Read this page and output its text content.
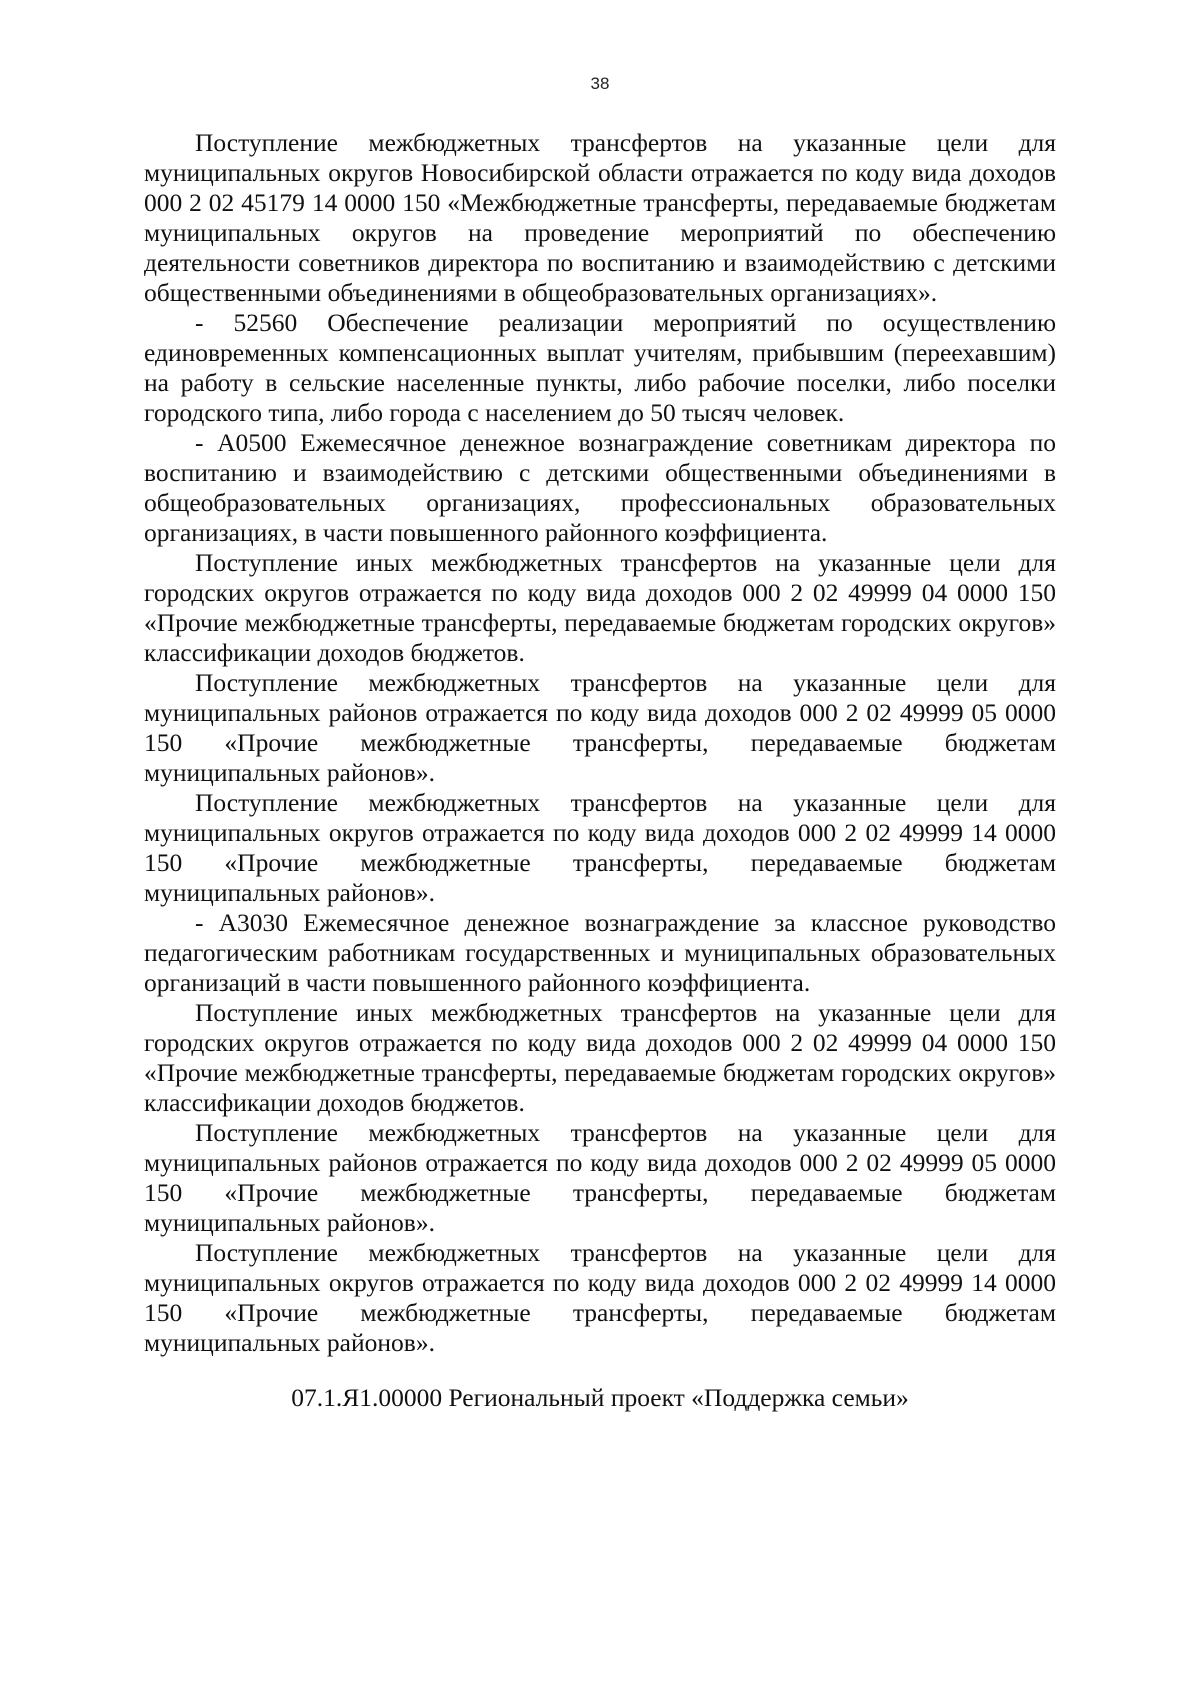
38

Поступление межбюджетных трансфертов на указанные цели для муниципальных округов Новосибирской области отражается по коду вида доходов 000 2 02 45179 14 0000 150 «Межбюджетные трансферты, передаваемые бюджетам муниципальных округов на проведение мероприятий по обеспечению деятельности советников директора по воспитанию и взаимодействию с детскими общественными объединениями в общеобразовательных организациях».

- 52560 Обеспечение реализации мероприятий по осуществлению единовременных компенсационных выплат учителям, прибывшим (переехавшим) на работу в сельские населенные пункты, либо рабочие поселки, либо поселки городского типа, либо города с населением до 50 тысяч человек.

- А0500 Ежемесячное денежное вознаграждение советникам директора по воспитанию и взаимодействию с детскими общественными объединениями в общеобразовательных организациях, профессиональных образовательных организациях, в части повышенного районного коэффициента.

Поступление иных межбюджетных трансфертов на указанные цели для городских округов отражается по коду вида доходов 000 2 02 49999 04 0000 150 «Прочие межбюджетные трансферты, передаваемые бюджетам городских округов» классификации доходов бюджетов.

Поступление межбюджетных трансфертов на указанные цели для муниципальных районов отражается по коду вида доходов 000 2 02 49999 05 0000 150 «Прочие межбюджетные трансферты, передаваемые бюджетам муниципальных районов».

Поступление межбюджетных трансфертов на указанные цели для муниципальных округов отражается по коду вида доходов 000 2 02 49999 14 0000 150 «Прочие межбюджетные трансферты, передаваемые бюджетам муниципальных районов».

- А3030 Ежемесячное денежное вознаграждение за классное руководство педагогическим работникам государственных и муниципальных образовательных организаций в части повышенного районного коэффициента.

Поступление иных межбюджетных трансфертов на указанные цели для городских округов отражается по коду вида доходов 000 2 02 49999 04 0000 150 «Прочие межбюджетные трансферты, передаваемые бюджетам городских округов» классификации доходов бюджетов.

Поступление межбюджетных трансфертов на указанные цели для муниципальных районов отражается по коду вида доходов 000 2 02 49999 05 0000 150 «Прочие межбюджетные трансферты, передаваемые бюджетам муниципальных районов».

Поступление межбюджетных трансфертов на указанные цели для муниципальных округов отражается по коду вида доходов 000 2 02 49999 14 0000 150 «Прочие межбюджетные трансферты, передаваемые бюджетам муниципальных районов».

07.1.Я1.00000 Региональный проект «Поддержка семьи»
